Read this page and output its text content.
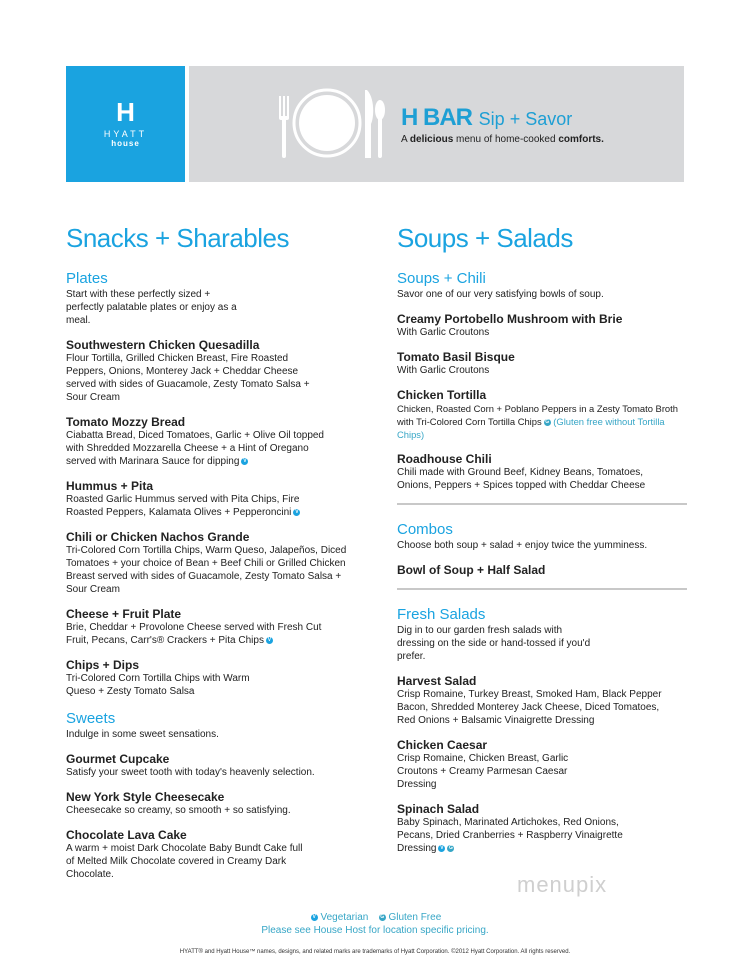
H
HYATT
house
H BAR Sip + Savor
A delicious menu of home-cooked comforts.
Snacks + Sharables
Plates
Start with these perfectly sized + perfectly palatable plates or enjoy as a meal.
Southwestern Chicken Quesadilla
Flour Tortilla, Grilled Chicken Breast, Fire Roasted Peppers, Onions, Monterey Jack + Cheddar Cheese served with sides of Guacamole, Zesty Tomato Salsa + Sour Cream
Tomato Mozzy Bread
Ciabatta Bread, Diced Tomatoes, Garlic + Olive Oil topped with Shredded Mozzarella Cheese + a Hint of Oregano served with Marinara Sauce for dipping V
Hummus + Pita
Roasted Garlic Hummus served with Pita Chips, Fire Roasted Peppers, Kalamata Olives + Pepperoncini V
Chili or Chicken Nachos Grande
Tri-Colored Corn Tortilla Chips, Warm Queso, Jalapeños, Diced Tomatoes + your choice of Bean + Beef Chili or Grilled Chicken Breast served with sides of Guacamole, Zesty Tomato Salsa + Sour Cream
Cheese + Fruit Plate
Brie, Cheddar + Provolone Cheese served with Fresh Cut Fruit, Pecans, Carr's® Crackers + Pita Chips V
Chips + Dips
Tri-Colored Corn Tortilla Chips with Warm Queso + Zesty Tomato Salsa
Sweets
Indulge in some sweet sensations.
Gourmet Cupcake
Satisfy your sweet tooth with today's heavenly selection.
New York Style Cheesecake
Cheesecake so creamy, so smooth + so satisfying.
Chocolate Lava Cake
A warm + moist Dark Chocolate Baby Bundt Cake full of Melted Milk Chocolate covered in Creamy Dark Chocolate.
Soups + Salads
Soups + Chili
Savor one of our very satisfying bowls of soup.
Creamy Portobello Mushroom with Brie
With Garlic Croutons
Tomato Basil Bisque
With Garlic Croutons
Chicken Tortilla
Chicken, Roasted Corn + Poblano Peppers in a Zesty Tomato Broth with Tri-Colored Corn Tortilla Chips G (Gluten free without Tortilla Chips)
Roadhouse Chili
Chili made with Ground Beef, Kidney Beans, Tomatoes, Onions, Peppers + Spices topped with Cheddar Cheese
Combos
Choose both soup + salad + enjoy twice the yumminess.
Bowl of Soup + Half Salad
Fresh Salads
Dig in to our garden fresh salads with dressing on the side or hand-tossed if you'd prefer.
Harvest Salad
Crisp Romaine, Turkey Breast, Smoked Ham, Black Pepper Bacon, Shredded Monterey Jack Cheese, Diced Tomatoes, Red Onions + Balsamic Vinaigrette Dressing
Chicken Caesar
Crisp Romaine, Chicken Breast, Garlic Croutons + Creamy Parmesan Caesar Dressing
Spinach Salad
Baby Spinach, Marinated Artichokes, Red Onions, Pecans, Dried Cranberries + Raspberry Vinaigrette Dressing V G
menupix
V Vegetarian G Gluten Free
Please see House Host for location specific pricing.
HYATT® and Hyatt House™ names, designs, and related marks are trademarks of Hyatt Corporation. ©2012 Hyatt Corporation. All rights reserved.
